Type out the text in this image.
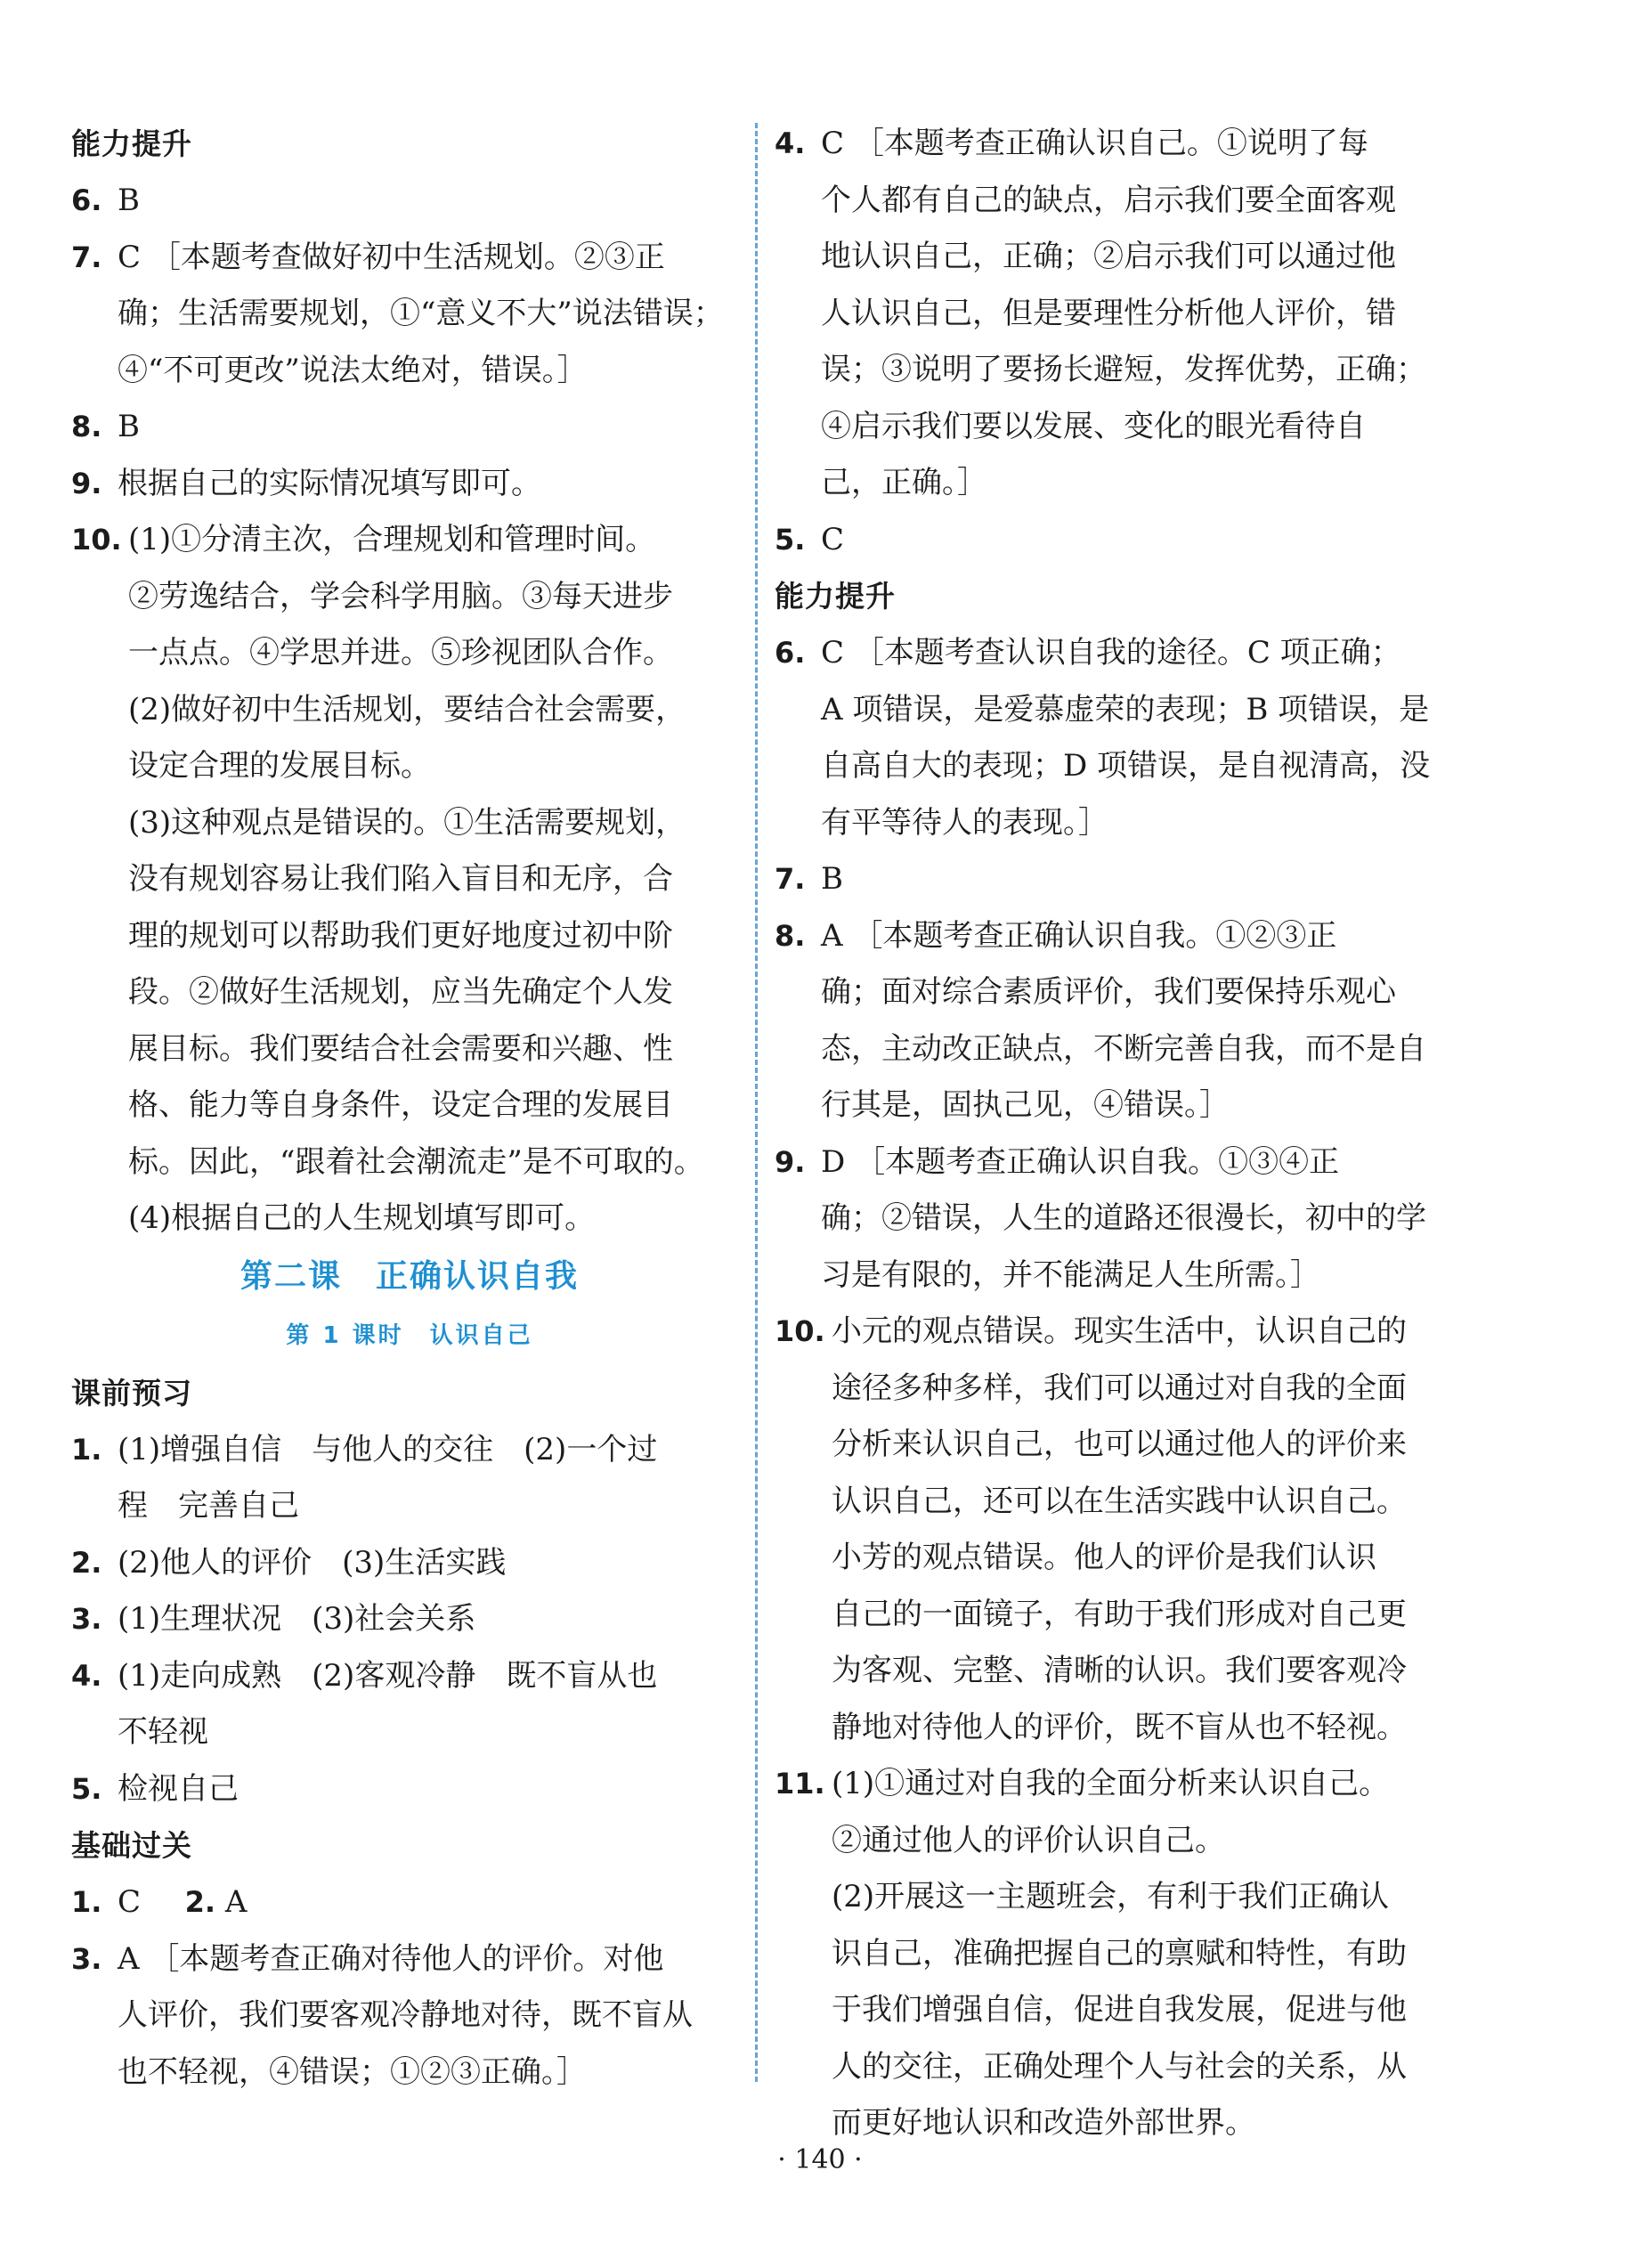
能力提升
6. B
7. C ［本题考查做好初中生活规划。②③正
确；生活需要规划，①“意义不大”说法错误；
④“不可更改”说法太绝对，错误。］
8. B
9. 根据自己的实际情况填写即可。
10. (1)①分清主次，合理规划和管理时间。
②劳逸结合，学会科学用脑。③每天进步
一点点。④学思并进。⑤珍视团队合作。
(2)做好初中生活规划，要结合社会需要，
设定合理的发展目标。
(3)这种观点是错误的。①生活需要规划，
没有规划容易让我们陷入盲目和无序，合
理的规划可以帮助我们更好地度过初中阶
段。②做好生活规划，应当先确定个人发
展目标。我们要结合社会需要和兴趣、性
格、能力等自身条件，设定合理的发展目
标。因此，“跟着社会潮流走”是不可取的。
(4)根据自己的人生规划填写即可。
第二课　正确认识自我
第 1 课时　认识自己
课前预习
1. (1)增强自信　与他人的交往　(2)一个过
程　完善自己
2. (2)他人的评价　(3)生活实践
3. (1)生理状况　(3)社会关系
4. (1)走向成熟　(2)客观冷静　既不盲从也
不轻视
5. 检视自己
基础过关
1. C 2. A
3. A ［本题考查正确对待他人的评价。对他
人评价，我们要客观冷静地对待，既不盲从
也不轻视，④错误；①②③正确。］
4. C ［本题考查正确认识自己。①说明了每
个人都有自己的缺点，启示我们要全面客观
地认识自己，正确；②启示我们可以通过他
人认识自己，但是要理性分析他人评价，错
误；③说明了要扬长避短，发挥优势，正确；
④启示我们要以发展、变化的眼光看待自
己，正确。］
5. C
能力提升
6. C ［本题考查认识自我的途径。C 项正确；
A 项错误，是爱慕虚荣的表现；B 项错误，是
自高自大的表现；D 项错误，是自视清高，没
有平等待人的表现。］
7. B
8. A ［本题考查正确认识自我。①②③正
确；面对综合素质评价，我们要保持乐观心
态，主动改正缺点，不断完善自我，而不是自
行其是，固执己见，④错误。］
9. D ［本题考查正确认识自我。①③④正
确；②错误，人生的道路还很漫长，初中的学
习是有限的，并不能满足人生所需。］
10. 小元的观点错误。现实生活中，认识自己的
途径多种多样，我们可以通过对自我的全面
分析来认识自己，也可以通过他人的评价来
认识自己，还可以在生活实践中认识自己。
小芳的观点错误。他人的评价是我们认识
自己的一面镜子，有助于我们形成对自己更
为客观、完整、清晰的认识。我们要客观冷
静地对待他人的评价，既不盲从也不轻视。
11. (1)①通过对自我的全面分析来认识自己。
②通过他人的评价认识自己。
(2)开展这一主题班会，有利于我们正确认
识自己，准确把握自己的禀赋和特性，有助
于我们增强自信，促进自我发展，促进与他
人的交往，正确处理个人与社会的关系，从
而更好地认识和改造外部世界。
· 140 ·
